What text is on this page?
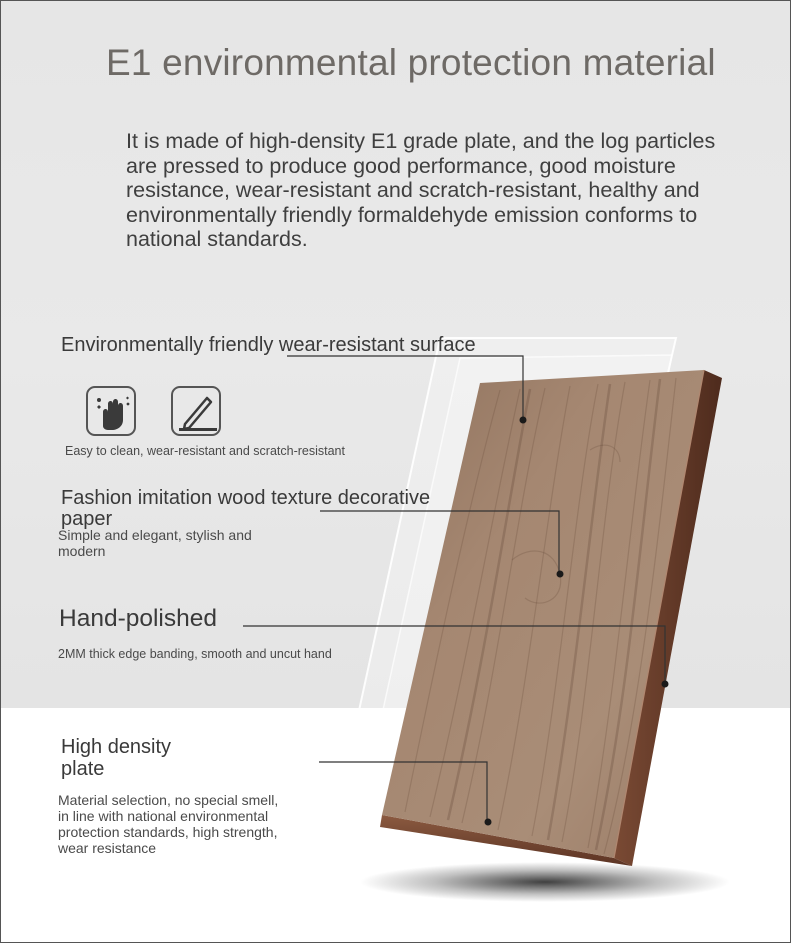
E1 environmental protection material
It is made of high-density E1 grade plate, and the log particles are pressed to produce good performance, good moisture resistance, wear-resistant and scratch-resistant, healthy and environmentally friendly formaldehyde emission conforms to national standards.
Environmentally friendly wear-resistant surface
Easy to clean, wear-resistant and scratch-resistant
Fashion imitation wood texture decorative
paper
Simple and elegant, stylish and
modern
Hand-polished
2MM thick edge banding, smooth and uncut hand
High density
plate
Material selection, no special smell,
in line with national environmental
protection standards, high strength,
wear resistance
